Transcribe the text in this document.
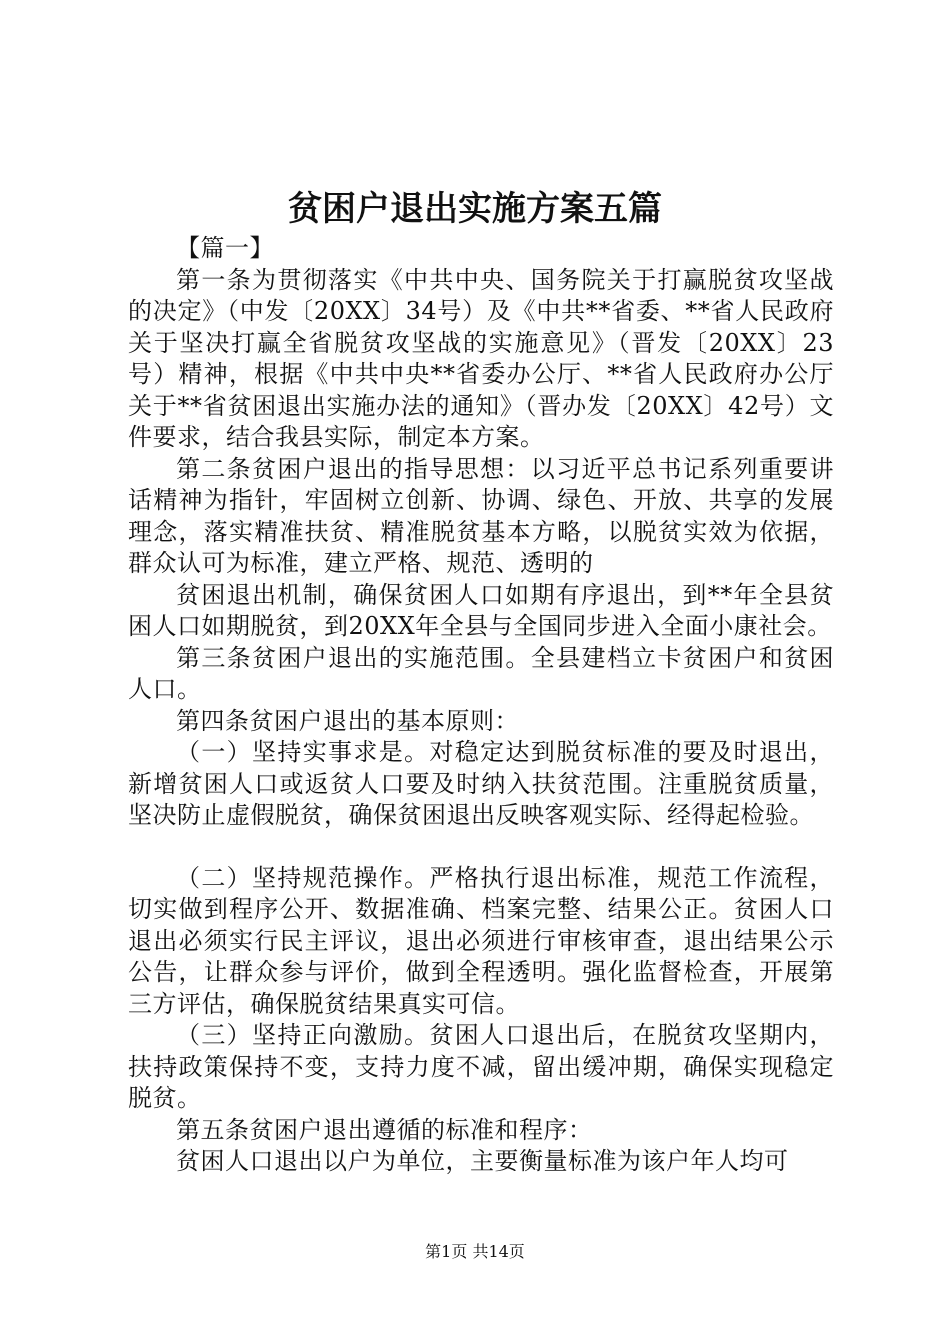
贫困户退出实施方案五篇

【篇一】

第一条为贯彻落实《中共中央、国务院关于打赢脱贫攻坚战的决定》（中发〔20XX〕34号）及《中共**省委、**省人民政府关于坚决打赢全省脱贫攻坚战的实施意见》（晋发〔20XX〕23号）精神，根据《中共中央**省委办公厅、**省人民政府办公厅关于**省贫困退出实施办法的通知》（晋办发〔20XX〕42号）文件要求，结合我县实际，制定本方案。

第二条贫困户退出的指导思想：以习近平总书记系列重要讲话精神为指针，牢固树立创新、协调、绿色、开放、共享的发展理念，落实精准扶贫、精准脱贫基本方略，以脱贫实效为依据，群众认可为标准，建立严格、规范、透明的

贫困退出机制，确保贫困人口如期有序退出，到**年全县贫困人口如期脱贫，到20XX年全县与全国同步进入全面小康社会。

第三条贫困户退出的实施范围。全县建档立卡贫困户和贫困人口。

第四条贫困户退出的基本原则：

（一）坚持实事求是。对稳定达到脱贫标准的要及时退出，新增贫困人口或返贫人口要及时纳入扶贫范围。注重脱贫质量，坚决防止虚假脱贫，确保贫困退出反映客观实际、经得起检验。

（二）坚持规范操作。严格执行退出标准，规范工作流程，切实做到程序公开、数据准确、档案完整、结果公正。贫困人口退出必须实行民主评议，退出必须进行审核审查，退出结果公示公告，让群众参与评价，做到全程透明。强化监督检查，开展第三方评估，确保脱贫结果真实可信。

（三）坚持正向激励。贫困人口退出后，在脱贫攻坚期内，扶持政策保持不变，支持力度不减，留出缓冲期，确保实现稳定脱贫。

第五条贫困户退出遵循的标准和程序：

贫困人口退出以户为单位，主要衡量标准为该户年人均可

第1页 共14页
